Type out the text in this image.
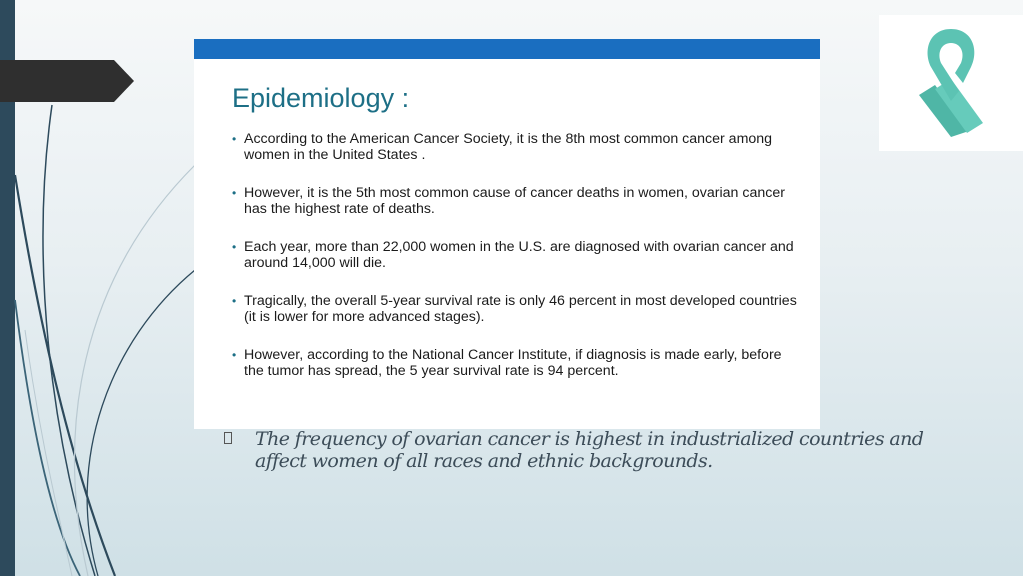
Epidemiology :
• According to the American Cancer Society, it is the 8th most common cancer among women in the United States .
• However, it is the 5th most common cause of cancer deaths in women, ovarian cancer has the highest rate of deaths.
• Each year, more than 22,000 women in the U.S. are diagnosed with ovarian cancer and around 14,000 will die.
• Tragically, the overall 5-year survival rate is only 46 percent in most developed countries (it is lower for more advanced stages).
• However, according to the National Cancer Institute, if diagnosis is made early, before the tumor has spread, the 5 year survival rate is 94 percent.

The frequency of ovarian cancer is highest in industrialized countries and affect women of all races and ethnic backgrounds.
